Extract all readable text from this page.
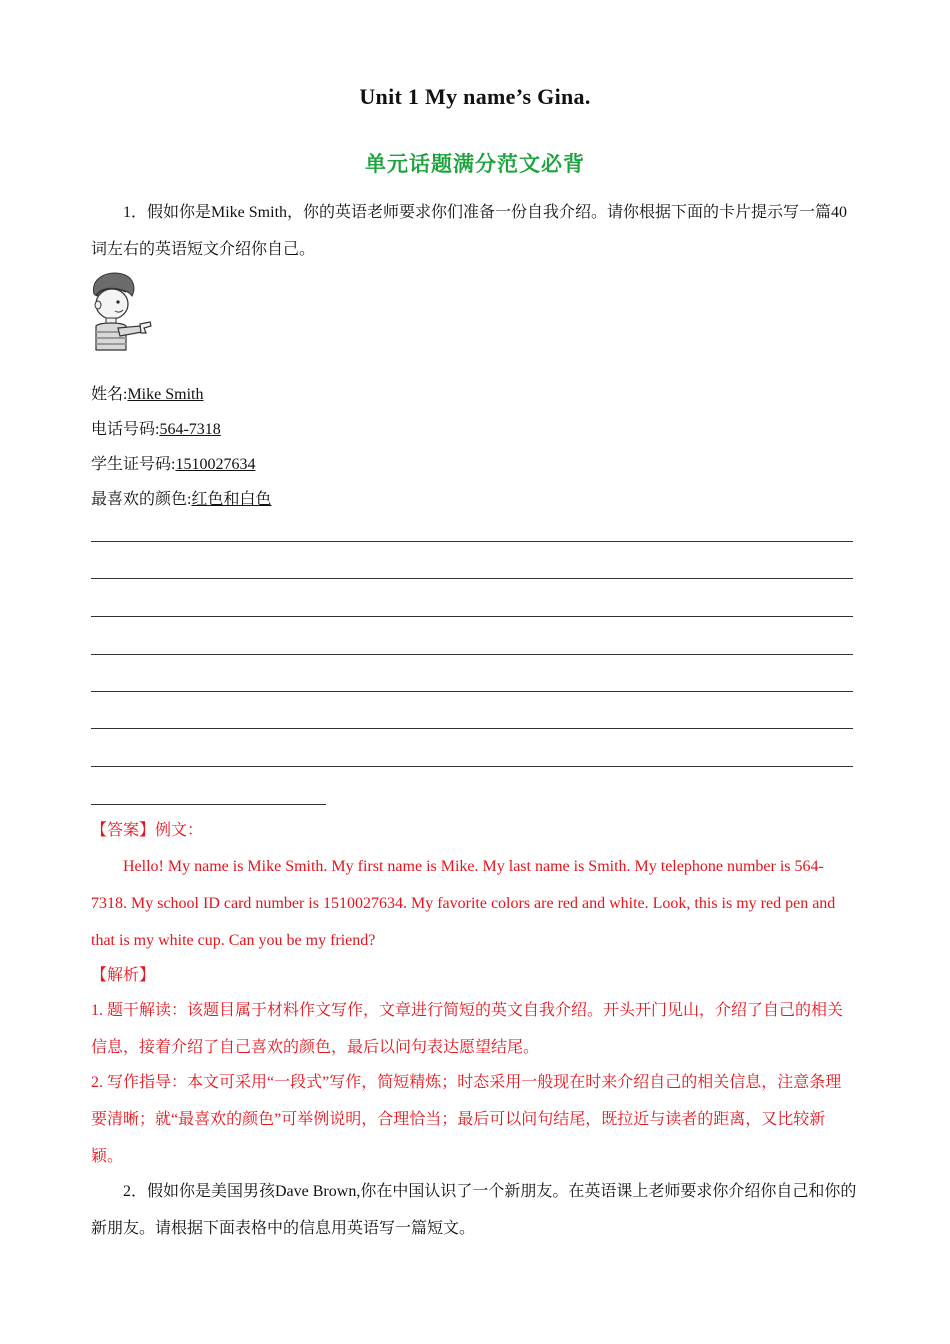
Unit 1 My name’s Gina.
单元话题满分范文必背
1．假如你是Mike Smith，你的英语老师要求你们准备一份自我介绍。请你根据下面的卡片提示写一篇40词左右的英语短文介绍你自己。
姓名:Mike Smith
电话号码:564-7318
学生证号码:1510027634
最喜欢的颜色:红色和白色
【答案】例文：
Hello! My name is Mike Smith. My first name is Mike. My last name is Smith. My telephone number is 564-7318. My school ID card number is 1510027634. My favorite colors are red and white. Look, this is my red pen and that is my white cup. Can you be my friend?
【解析】
1. 题干解读：该题目属于材料作文写作，文章进行简短的英文自我介绍。开头开门见山，介绍了自己的相关信息，接着介绍了自己喜欢的颜色，最后以问句表达愿望结尾。
2. 写作指导：本文可采用“一段式”写作，简短精炼；时态采用一般现在时来介绍自己的相关信息，注意条理要清晰；就“最喜欢的颜色”可举例说明，合理恰当；最后可以问句结尾，既拉近与读者的距离，又比较新颖。
2．假如你是美国男孩Dave Brown,你在中国认识了一个新朋友。在英语课上老师要求你介绍你自己和你的新朋友。请根据下面表格中的信息用英语写一篇短文。
